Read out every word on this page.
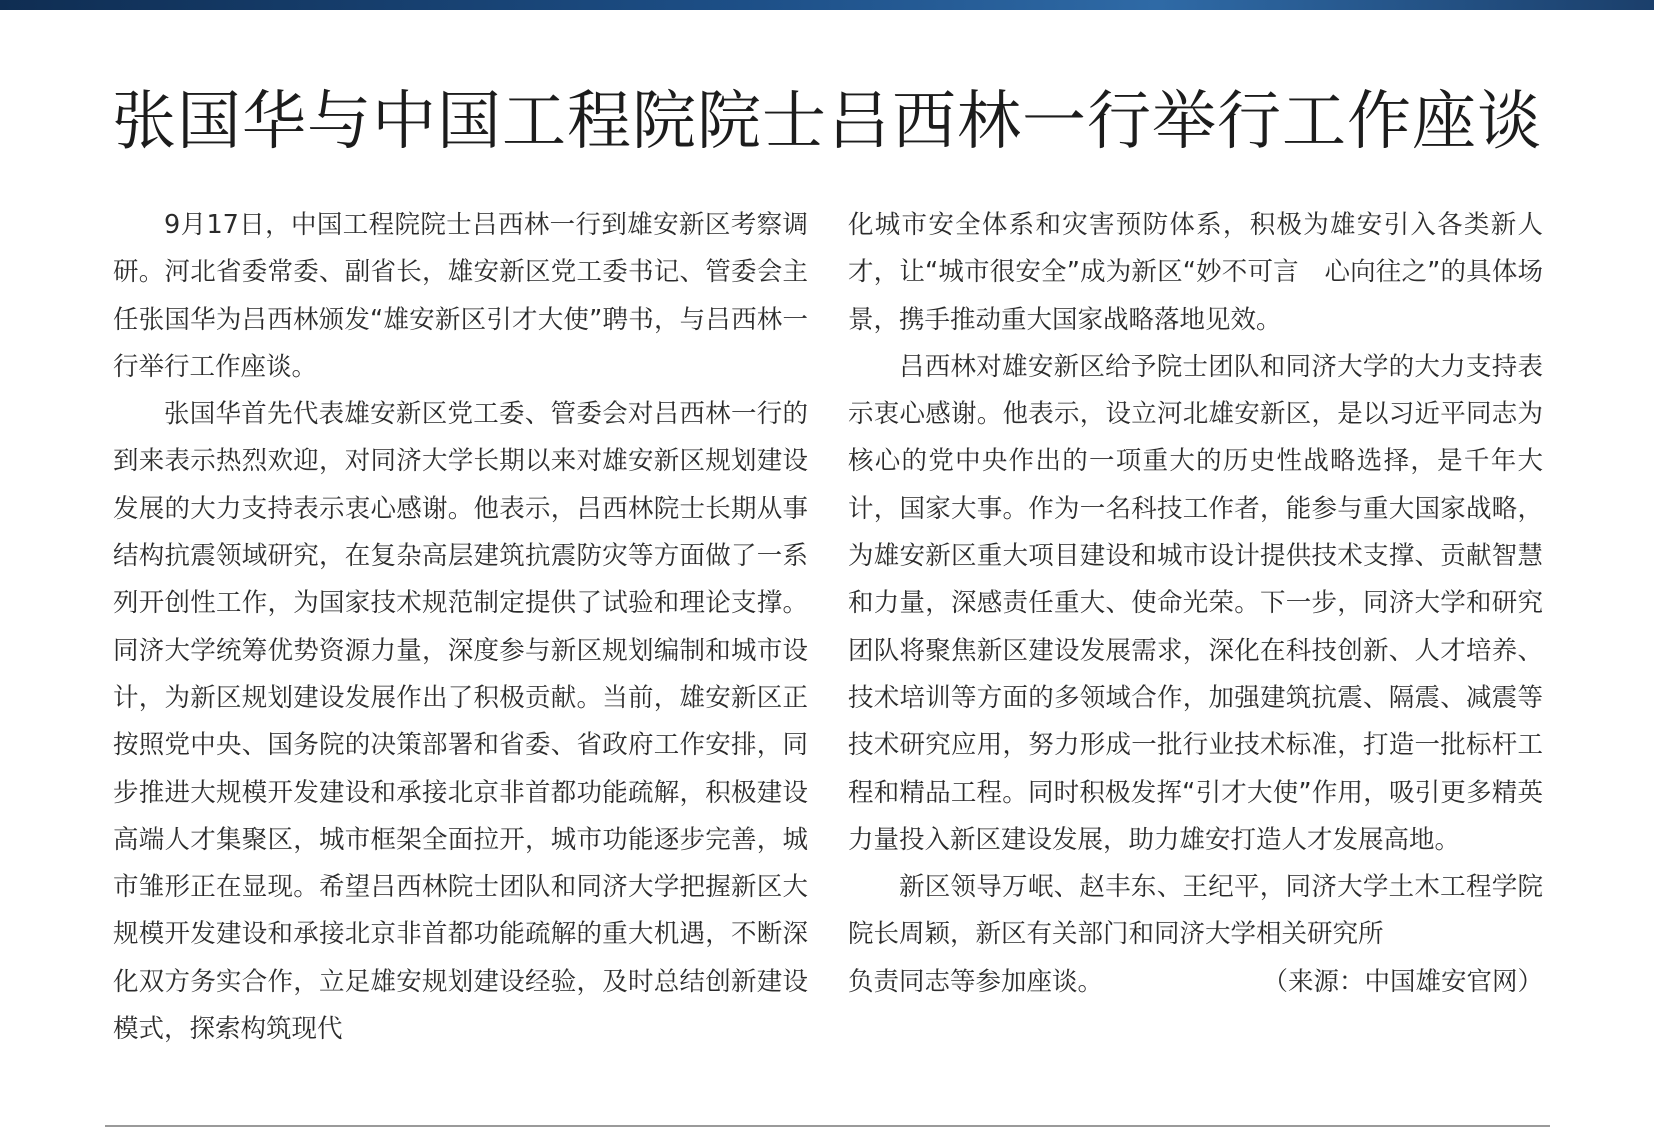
张国华与中国工程院院士吕西林一行举行工作座谈

9月17日，中国工程院院士吕西林一行到雄安新区考察调研。河北省委常委、副省长，雄安新区党工委书记、管委会主任张国华为吕西林颁发“雄安新区引才大使”聘书，与吕西林一行举行工作座谈。

张国华首先代表雄安新区党工委、管委会对吕西林一行的到来表示热烈欢迎，对同济大学长期以来对雄安新区规划建设发展的大力支持表示衷心感谢。他表示，吕西林院士长期从事结构抗震领域研究，在复杂高层建筑抗震防灾等方面做了一系列开创性工作，为国家技术规范制定提供了试验和理论支撑。同济大学统筹优势资源力量，深度参与新区规划编制和城市设计，为新区规划建设发展作出了积极贡献。当前，雄安新区正按照党中央、国务院的决策部署和省委、省政府工作安排，同步推进大规模开发建设和承接北京非首都功能疏解，积极建设高端人才集聚区，城市框架全面拉开，城市功能逐步完善，城市雏形正在显现。希望吕西林院士团队和同济大学把握新区大规模开发建设和承接北京非首都功能疏解的重大机遇，不断深化双方务实合作，立足雄安规划建设经验，及时总结创新建设模式，探索构筑现代

化城市安全体系和灾害预防体系，积极为雄安引入各类新人才，让“城市很安全”成为新区“妙不可言　心向往之”的具体场景，携手推动重大国家战略落地见效。

吕西林对雄安新区给予院士团队和同济大学的大力支持表示衷心感谢。他表示，设立河北雄安新区，是以习近平同志为核心的党中央作出的一项重大的历史性战略选择，是千年大计，国家大事。作为一名科技工作者，能参与重大国家战略，为雄安新区重大项目建设和城市设计提供技术支撑、贡献智慧和力量，深感责任重大、使命光荣。下一步，同济大学和研究团队将聚焦新区建设发展需求，深化在科技创新、人才培养、技术培训等方面的多领域合作，加强建筑抗震、隔震、减震等技术研究应用，努力形成一批行业技术标准，打造一批标杆工程和精品工程。同时积极发挥“引才大使”作用，吸引更多精英力量投入新区建设发展，助力雄安打造人才发展高地。

新区领导万岷、赵丰东、王纪平，同济大学土木工程学院院长周颖，新区有关部门和同济大学相关研究所

负责同志等参加座谈。	（来源：中国雄安官网）
